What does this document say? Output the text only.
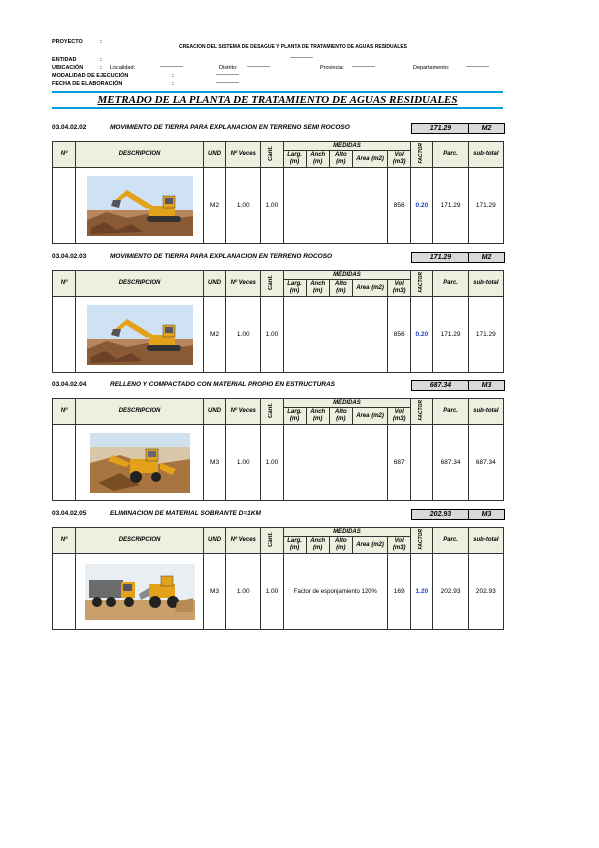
PROYECTO	:
CREACION DEL SISTEMA DE DESAGUE Y PLANTA DE TRATAMIENTO DE AGUAS RESIDUALES
ENTIDAD	:	-----------------
UBICACIÓN	: Localidad:	-----------------	Distrito: -----------------	Provincia: -----------------	Departamento:	-----------------
MODALIDAD DE EJECUCIÓN	:	-----------------
FECHA DE ELABORACIÓN	:	-----------------
METRADO DE LA PLANTA DE TRATAMIENTO DE AGUAS RESIDUALES
03.04.02.02	MOVIMIENTO DE TIERRA PARA EXPLANACION EN TERRENO SEMI ROCOSO	171.29	M2
Nº	DESCRIPCION	UND	Nº Veces	Cant.	MEDIDAS					FACTOR	Parc.	sub-total
					Larg. (m)	Anch (m)	Alto (m)	Area (m2)	Vol (m3)			

	M2	1.00	1.00					856	0.20	171.29	171.29
03.04.02.03	MOVIMIENTO DE TIERRA PARA EXPLANACION EN TERRENO ROCOSO	171.29	M2
Nº	DESCRIPCION	UND	Nº Veces	Cant.	MEDIDAS					FACTOR	Parc.	sub-total
					Larg. (m)	Anch (m)	Alto (m)	Area (m2)	Vol (m3)			

	M2	1.00	1.00					856	0.20	171.29	171.29
03.04.02.04	RELLENO Y COMPACTADO CON MATERIAL PROPIO EN ESTRUCTURAS	687.34	M3
Nº	DESCRIPCION	UND	Nº Veces	Cant.	MEDIDAS					FACTOR	Parc.	sub-total
					Larg. (m)	Anch (m)	Alto (m)	Area (m2)	Vol (m3)			

	M3	1.00	1.00					687		687.34	687.34
03.04.02.05	ELIMINACION DE MATERIAL SOBRANTE D=1KM	202.93	M3
Nº	DESCRIPCION	UND	Nº Veces	Cant.	MEDIDAS					FACTOR	Parc.	sub-total
					Larg. (m)	Anch (m)	Alto (m)	Area (m2)	Vol (m3)			

	M3	1.00	1.00	Factor de esponjamiento 120%				169	1.20	202.93	202.93
